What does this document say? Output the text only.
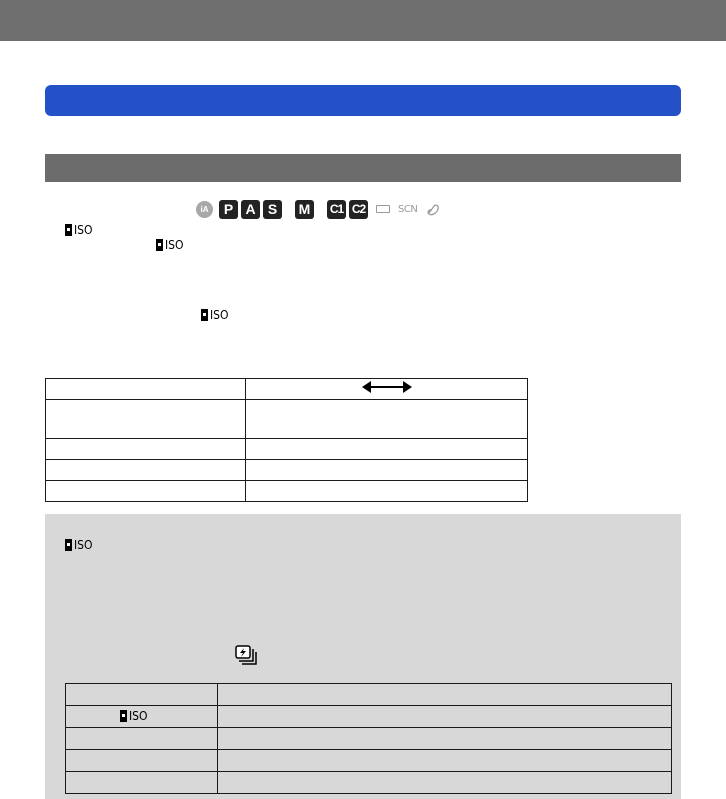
iA	P A S	M	C1 C2	SCN
ISO
ISO
ISO

ISO

ISO	
